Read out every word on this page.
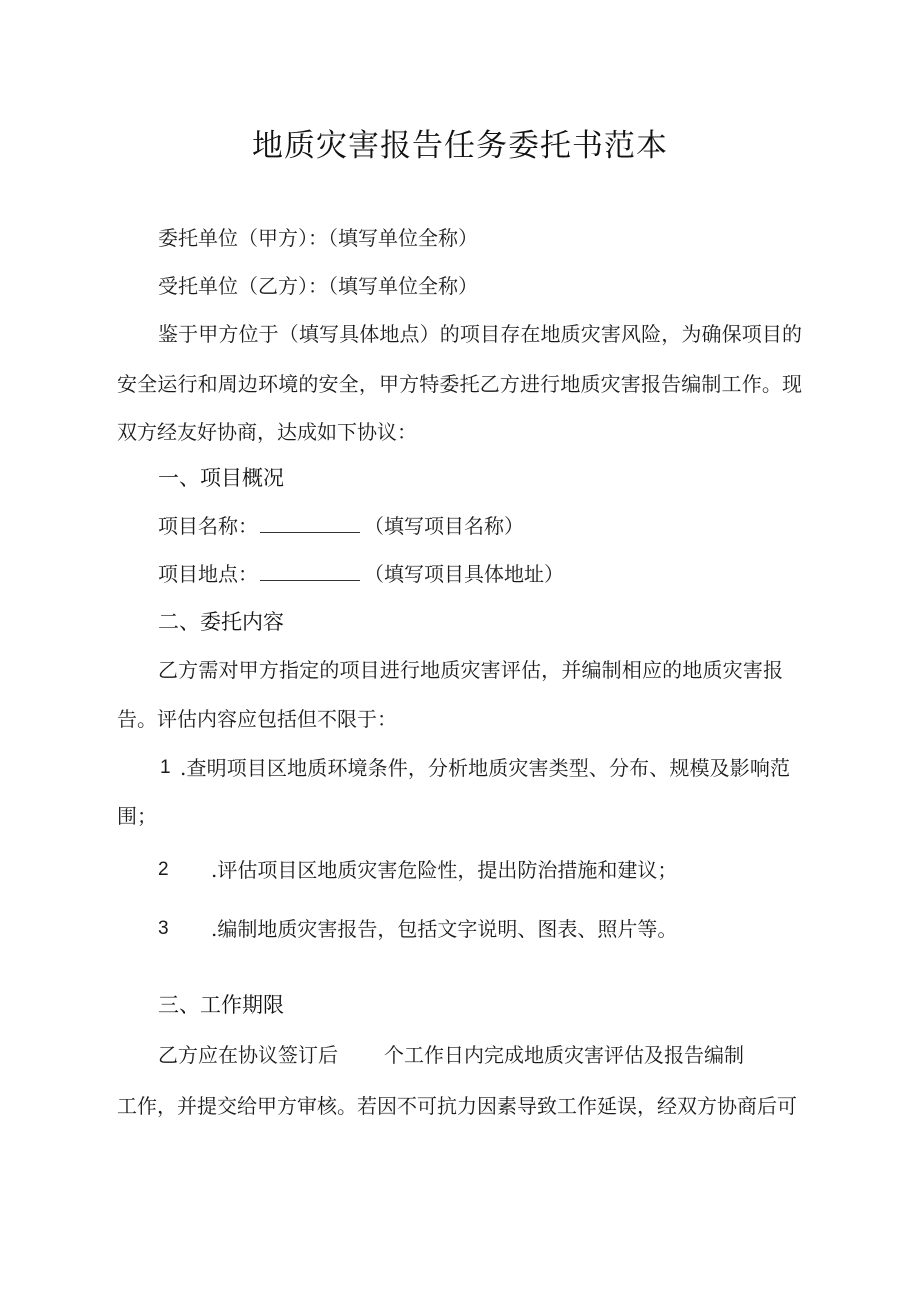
地质灾害报告任务委托书范本
委托单位（甲方）：（填写单位全称）
受托单位（乙方）：（填写单位全称）
鉴于甲方位于（填写具体地点）的项目存在地质灾害风险，为确保项目的
安全运行和周边环境的安全，甲方特委托乙方进行地质灾害报告编制工作。现
双方经友好协商，达成如下协议：
一、项目概况
项目名称：	（填写项目名称）
项目地点：	（填写项目具体地址）
二、委托内容
乙方需对甲方指定的项目进行地质灾害评估，并编制相应的地质灾害报
告。评估内容应包括但不限于：
1 .查明项目区地质环境条件，分析地质灾害类型、分布、规模及影响范
围；
2 .评估项目区地质灾害危险性，提出防治措施和建议；
3 .编制地质灾害报告，包括文字说明、图表、照片等。
三、工作期限
乙方应在协议签订后 个工作日内完成地质灾害评估及报告编制
工作，并提交给甲方审核。若因不可抗力因素导致工作延误，经双方协商后可
